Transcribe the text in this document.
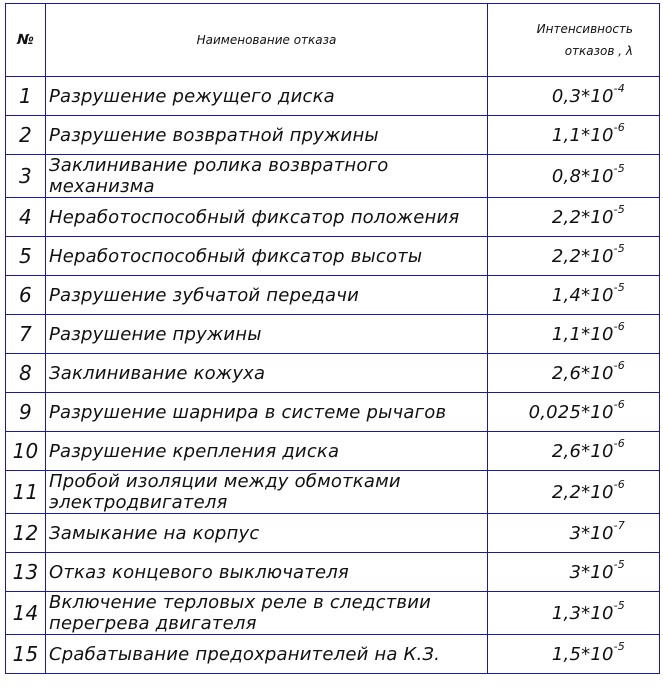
№	Наименование отказа	Интенсивность
отказов , λ
1	Разрушение режущего диска	$0,3*10^{-4}$
2	Разрушение возвратной пружины	$1,1*10^{-6}$
3	Заклинивание ролика возвратного механизма	$0,8*10^{-5}$
4	Неработоспособный фиксатор положения	$2,2*10^{-5}$
5	Неработоспособный фиксатор высоты	$2,2*10^{-5}$
6	Разрушение зубчатой передачи	$1,4*10^{-5}$
7	Разрушение пружины	$1,1*10^{-6}$
8	Заклинивание кожуха	$2,6*10^{-6}$
9	Разрушение шарнира в системе рычагов	$0,025*10^{-6}$
10	Разрушение крепления диска	$2,6*10^{-6}$
11	Пробой изоляции между обмотками электродвигателя	$2,2*10^{-6}$
12	Замыкание на корпус	$3*10^{-7}$
13	Отказ концевого выключателя	$3*10^{-5}$
14	Включение терловых реле в следствии перегрева двигателя	$1,3*10^{-5}$
15	Срабатывание предохранителей на К.З.	$1,5*10^{-5}$
